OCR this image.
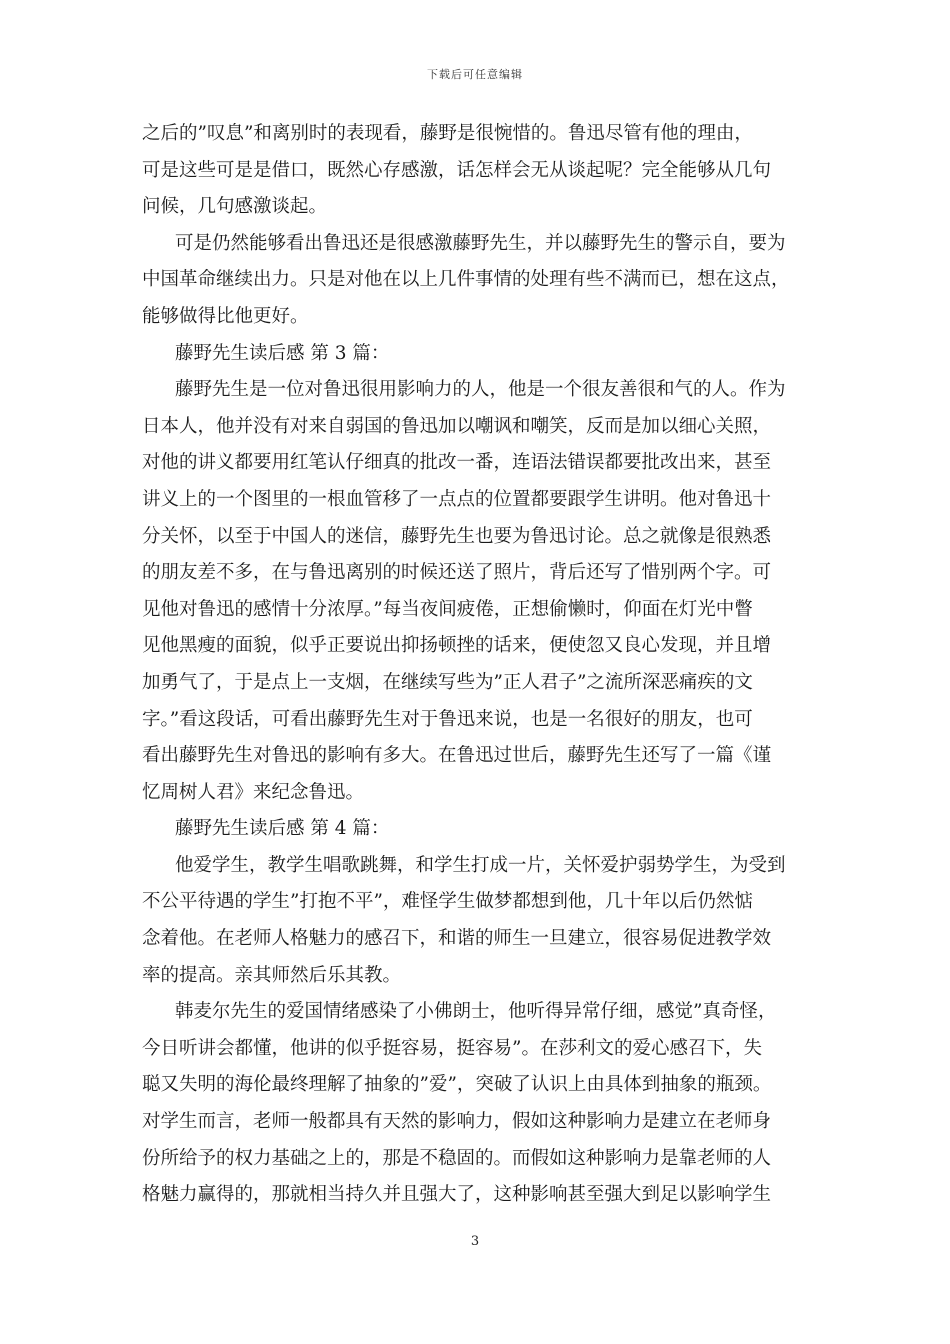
下载后可任意编辑
之后的”叹息”和离别时的表现看，藤野是很惋惜的。鲁迅尽管有他的理由，
可是这些可是是借口，既然心存感激，话怎样会无从谈起呢？完全能够从几句
问候，几句感激谈起。
可是仍然能够看出鲁迅还是很感激藤野先生，并以藤野先生的警示自，要为
中国革命继续出力。只是对他在以上几件事情的处理有些不满而已，想在这点，
能够做得比他更好。
藤野先生读后感 第 3 篇：
藤野先生是一位对鲁迅很用影响力的人，他是一个很友善很和气的人。作为
日本人，他并没有对来自弱国的鲁迅加以嘲讽和嘲笑，反而是加以细心关照，
对他的讲义都要用红笔认仔细真的批改一番，连语法错误都要批改出来，甚至
讲义上的一个图里的一根血管移了一点点的位置都要跟学生讲明。他对鲁迅十
分关怀，以至于中国人的迷信，藤野先生也要为鲁迅讨论。总之就像是很熟悉
的朋友差不多，在与鲁迅离别的时候还送了照片，背后还写了惜别两个字。可
见他对鲁迅的感情十分浓厚。”每当夜间疲倦，正想偷懒时，仰面在灯光中瞥
见他黑瘦的面貌，似乎正要说出抑扬顿挫的话来，便使忽又良心发现，并且增
加勇气了，于是点上一支烟，在继续写些为”正人君子”之流所深恶痛疾的文
字。”看这段话，可看出藤野先生对于鲁迅来说，也是一名很好的朋友，也可
看出藤野先生对鲁迅的影响有多大。在鲁迅过世后，藤野先生还写了一篇《谨
忆周树人君》来纪念鲁迅。
藤野先生读后感 第 4 篇：
他爱学生，教学生唱歌跳舞，和学生打成一片，关怀爱护弱势学生，为受到
不公平待遇的学生”打抱不平”，难怪学生做梦都想到他，几十年以后仍然惦
念着他。在老师人格魅力的感召下，和谐的师生一旦建立，很容易促进教学效
率的提高。亲其师然后乐其教。
韩麦尔先生的爱国情绪感染了小佛朗士，他听得异常仔细，感觉”真奇怪，
今日听讲会都懂，他讲的似乎挺容易，挺容易”。在莎利文的爱心感召下，失
聪又失明的海伦最终理解了抽象的”爱”，突破了认识上由具体到抽象的瓶颈。
对学生而言，老师一般都具有天然的影响力，假如这种影响力是建立在老师身
份所给予的权力基础之上的，那是不稳固的。而假如这种影响力是靠老师的人
格魅力赢得的，那就相当持久并且强大了，这种影响甚至强大到足以影响学生
3
